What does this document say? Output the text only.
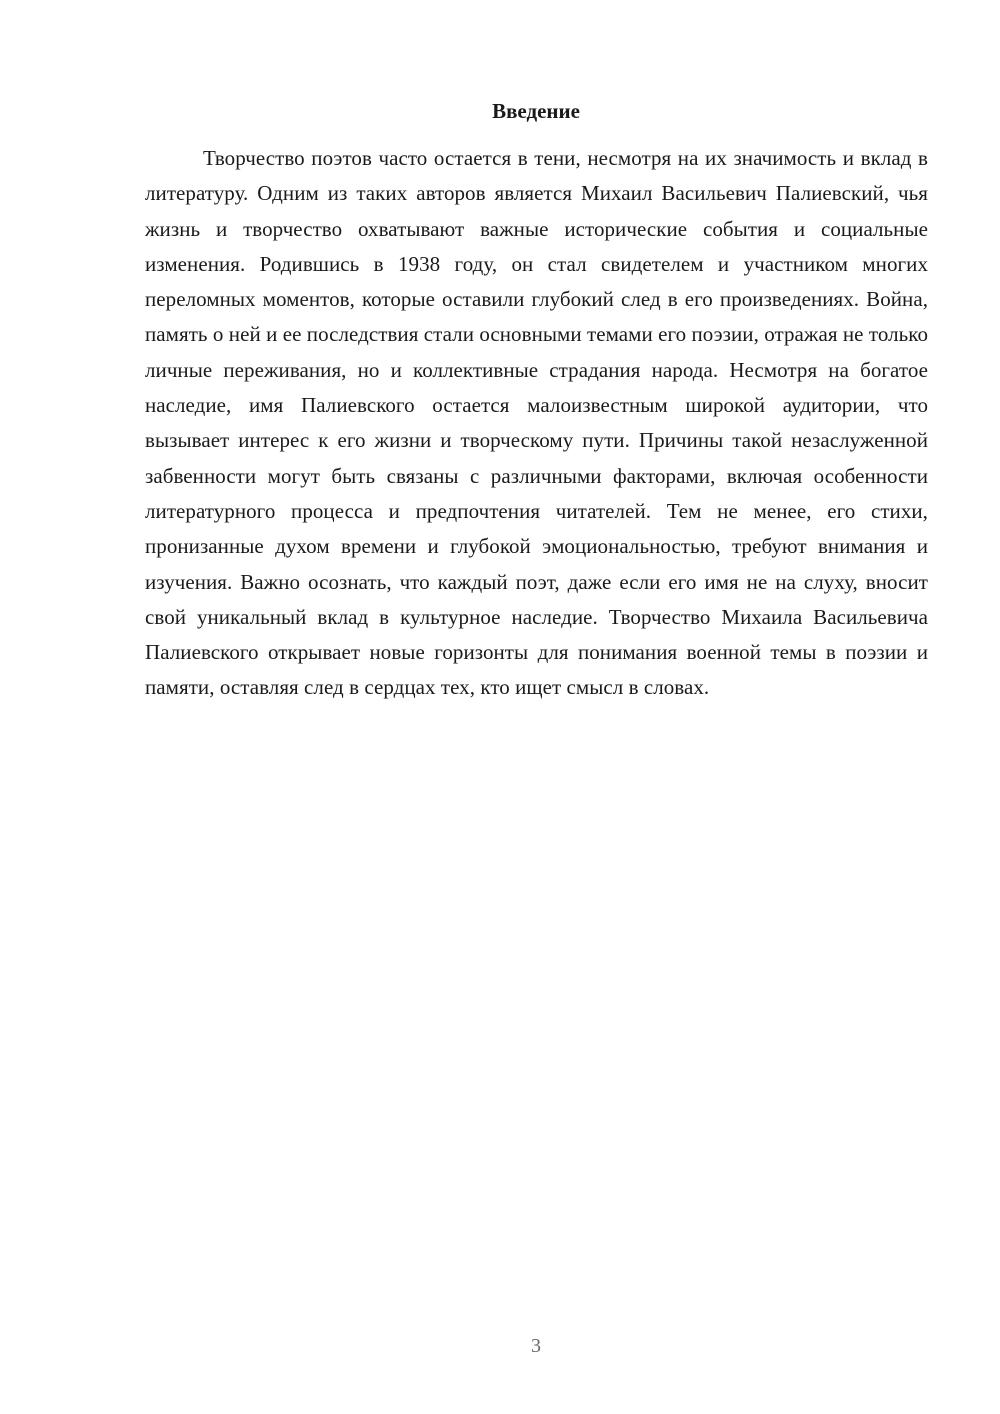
Введение

Творчество поэтов часто остается в тени, несмотря на их значимость и вклад в литературу. Одним из таких авторов является Михаил Васильевич Палиевский, чья жизнь и творчество охватывают важные исторические события и социальные изменения. Родившись в 1938 году, он стал свидетелем и участником многих переломных моментов, которые оставили глубокий след в его произведениях. Война, память о ней и ее последствия стали основными темами его поэзии, отражая не только личные переживания, но и коллективные страдания народа. Несмотря на богатое наследие, имя Палиевского остается малоизвестным широкой аудитории, что вызывает интерес к его жизни и творческому пути. Причины такой незаслуженной забвенности могут быть связаны с различными факторами, включая особенности литературного процесса и предпочтения читателей. Тем не менее, его стихи, пронизанные духом времени и глубокой эмоциональностью, требуют внимания и изучения. Важно осознать, что каждый поэт, даже если его имя не на слуху, вносит свой уникальный вклад в культурное наследие. Творчество Михаила Васильевича Палиевского открывает новые горизонты для понимания военной темы в поэзии и памяти, оставляя след в сердцах тех, кто ищет смысл в словах.

3
